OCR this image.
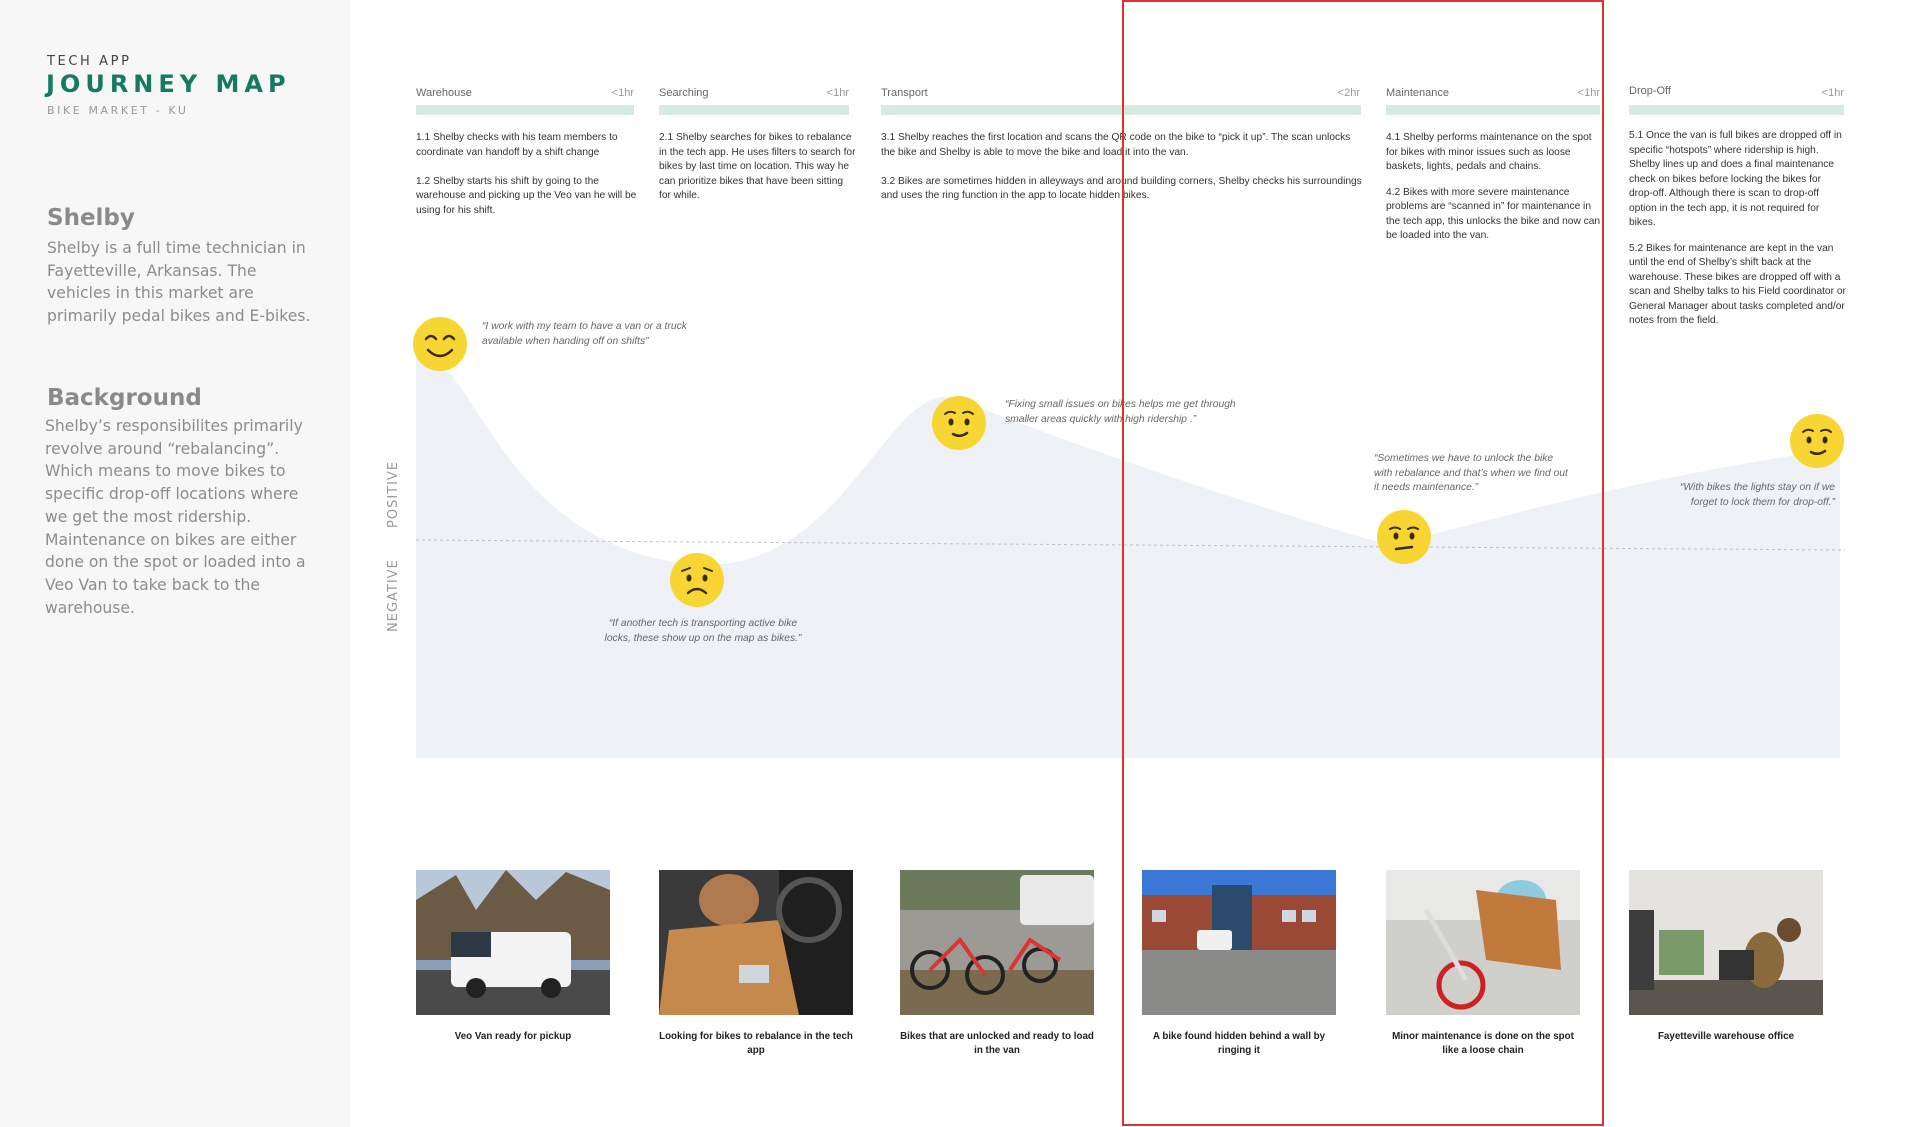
TECH APP
JOURNEY MAP
BIKE MARKET - KU
Shelby
Shelby is a full time technician in Fayetteville, Arkansas. The vehicles in this market are primarily pedal bikes and E-bikes.
Background
Shelby’s responsibilites primarily revolve around “rebalancing”. Which means to move bikes to specific drop-off locations where we get the most ridership. Maintenance on bikes are either done on the spot or loaded into a Veo Van to take back to the warehouse.
Warehouse	<1hr

1.1 Shelby checks with his team members to coordinate van handoff by a shift change

1.2 Shelby starts his shift by going to the warehouse and picking up the Veo van he will be using for his shift.

Searching	<1hr

2.1 Shelby searches for bikes to rebalance in the tech app. He uses filters to search for bikes by last time on location. This way he can prioritize bikes that have been sitting for while.

Transport	<2hr

3.1 Shelby reaches the first location and scans the QR code on the bike to “pick it up”. The scan unlocks the bike and Shelby is able to move the bike and load it into the van.

3.2 Bikes are sometimes hidden in alleyways and around building corners, Shelby checks his surroundings and uses the ring function in the app to locate hidden bikes.

Maintenance	<1hr

4.1 Shelby performs maintenance on the spot for bikes with minor issues such as loose baskets, lights, pedals and chains.

4.2 Bikes with more severe maintenance problems are “scanned in” for maintenance in the tech app, this unlocks the bike and now can be loaded into the van.

Drop-Off	<1hr

5.1 Once the van is full bikes are dropped off in specific “hotspots” where ridership is high. Shelby lines up and does a final maintenance check on bikes before locking the bikes for drop-off. Although there is scan to drop-off option in the tech app, it is not required for bikes.

5.2 Bikes for maintenance are kept in the van until the end of Shelby’s shift back at the warehouse. These bikes are dropped off with a scan and Shelby talks to his Field coordinator or General Manager about tasks completed and/or notes from the field.

POSITIVE
NEGATIVE
“I work with my team to have a van or a truck available when handing off on shifts”
“If another tech is transporting active bike locks, these show up on the map as bikes.”
“Fixing small issues on bikes helps me get through smaller areas quickly with high ridership .”
“Sometimes we have to unlock the bike with rebalance and that’s when we find out it needs maintenance.”	“With bikes the lights stay on if we forget to lock them for drop-off.”
Veo Van ready for pickup	Looking for bikes to rebalance in the tech app
Bikes that are unlocked and ready to load in the van
A bike found hidden behind a wall by ringing it
Minor maintenance is done on the spot like a loose chain
Fayetteville warehouse office
